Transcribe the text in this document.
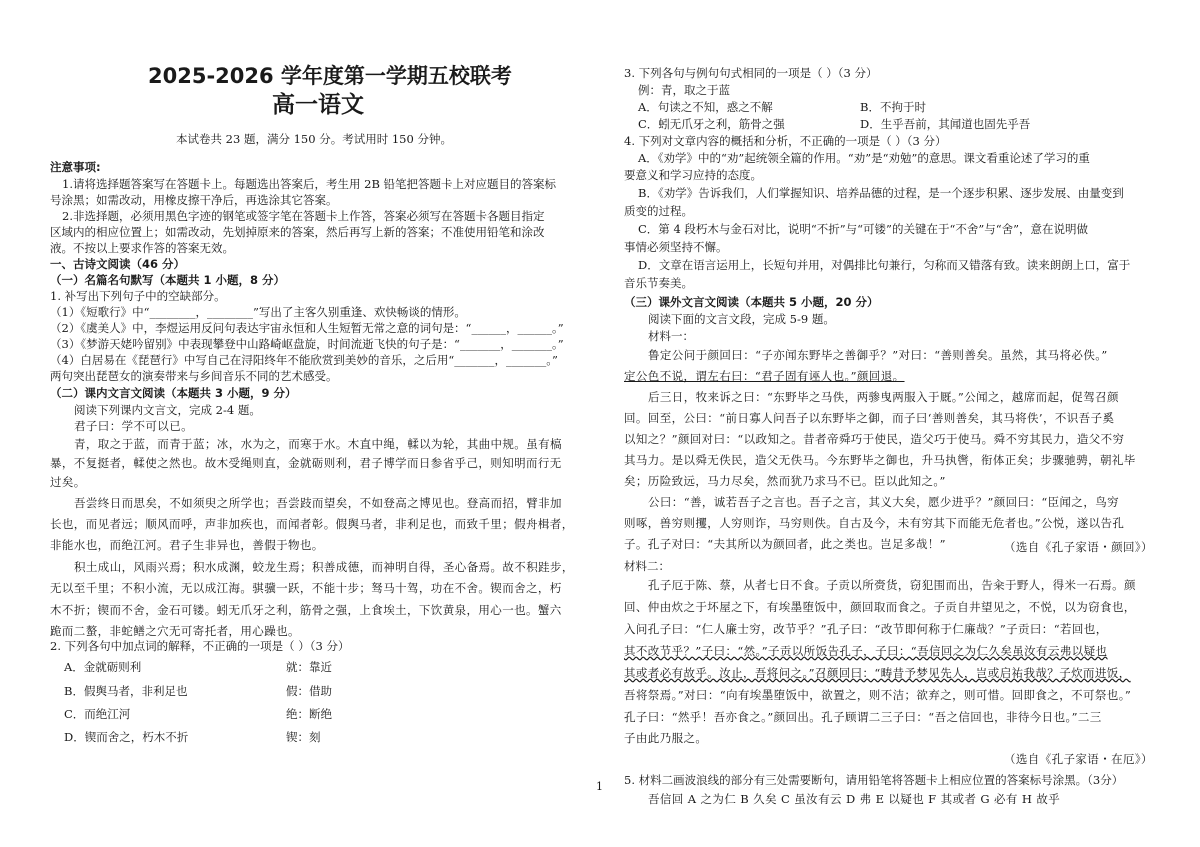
2025-2026 学年度第一学期五校联考
高一语文
本试卷共 23 题，满分 150 分。考试用时 150 分钟。
注意事项:
1.请将选择题答案写在答题卡上。每题选出答案后，考生用 2B 铅笔把答题卡上对应题目的答案标
号涂黑；如需改动，用橡皮擦干净后，再选涂其它答案。
2.非选择题，必须用黑色字迹的钢笔或签字笔在答题卡上作答，答案必须写在答题卡各题目指定
区域内的相应位置上；如需改动，先划掉原来的答案，然后再写上新的答案；不准使用铅笔和涂改
液。不按以上要求作答的答案无效。
一、古诗文阅读（46 分）
（一）名篇名句默写（本题共 1 小题，8 分）
1. 补写出下列句子中的空缺部分。
（1）《短歌行》中“________，________”写出了主客久别重逢、欢快畅谈的情形。
（2）《虞美人》中，李煜运用反问句表达宇宙永恒和人生短暂无常之意的词句是：“______，______。”
（3）《梦游天姥吟留别》中表现攀登中山路崎岖盘旋，时间流逝飞快的句子是：“_______，_______。”
（4）白居易在《琵琶行》中写自己在浔阳终年不能欣赏到美妙的音乐，之后用“_______，_______。”
两句突出琵琶女的演奏带来与乡间音乐不同的艺术感受。
（二）课内文言文阅读（本题共 3 小题，9 分）
阅读下列课内文言文，完成 2-4 题。
君子曰：学不可以已。
青，取之于蓝，而青于蓝；冰，水为之，而寒于水。木直中绳，輮以为轮，其曲中规。虽有槁
暴，不复挺者，輮使之然也。故木受绳则直，金就砺则利，君子博学而日参省乎己，则知明而行无
过矣。
吾尝终日而思矣，不如须臾之所学也；吾尝跂而望矣，不如登高之博见也。登高而招，臂非加
长也，而见者远；顺风而呼，声非加疾也，而闻者彰。假舆马者，非利足也，而致千里；假舟楫者，
非能水也，而绝江河。君子生非异也，善假于物也。
积土成山，风雨兴焉；积水成渊，蛟龙生焉；积善成德，而神明自得，圣心备焉。故不积跬步，
无以至千里；不积小流，无以成江海。骐骥一跃，不能十步；驽马十驾，功在不舍。锲而舍之，朽
木不折；锲而不舍，金石可镂。蚓无爪牙之利，筋骨之强，上食埃土，下饮黄泉，用心一也。蟹六
跪而二螯，非蛇鳝之穴无可寄托者，用心躁也。
2. 下列各句中加点词的解释，不正确的一项是（ ）（3 分）
A．金就砺则利	就：靠近
B．假舆马者，非利足也	假：借助
C．而绝江河	绝：断绝
D．锲而舍之，朽木不折	锲：刻
3. 下列各句与例句句式相同的一项是（ ）（3 分）
例：青，取之于蓝
A．句读之不知，惑之不解	B．不拘于时
C．蚓无爪牙之利，筋骨之强	D．生乎吾前，其闻道也固先乎吾
4. 下列对文章内容的概括和分析，不正确的一项是（ ）（3 分）
A．《劝学》中的“劝”起统领全篇的作用。“劝”是“劝勉”的意思。课文看重论述了学习的重
要意义和学习应持的态度。
B．《劝学》告诉我们，人们掌握知识、培养品德的过程，是一个逐步积累、逐步发展、由量变到
质变的过程。
C．第 4 段朽木与金石对比，说明“不折”与“可镂”的关键在于“不舍”与“舍”，意在说明做
事情必须坚持不懈。
D．文章在语言运用上，长短句并用，对偶排比句兼行，匀称而又错落有致。读来朗朗上口，富于
音乐节奏美。
（三）课外文言文阅读（本题共 5 小题，20 分）
阅读下面的文言文段，完成 5-9 题。
材料一：
鲁定公问于颜回曰：“子亦闻东野毕之善御乎？”对曰：“善则善矣。虽然，其马将必佚。”
定公色不说，谓左右曰：“君子固有诬人也。”颜回退。
后三日，牧来诉之曰：“东野毕之马佚，两骖曳两服入于厩。”公闻之，越席而起，促驾召颜
回。回至，公曰：“前日寡人问吾子以东野毕之御，而子曰‘善则善矣，其马将佚’，不识吾子奚
以知之？”颜回对曰：“以政知之。昔者帝舜巧于使民，造父巧于使马。舜不穷其民力，造父不穷
其马力。是以舜无佚民，造父无佚马。今东野毕之御也，升马执辔，衔体正矣；步骤驰骋，朝礼毕
矣；历险致远，马力尽矣，然而犹乃求马不已。臣以此知之。”
公曰：“善，诚若吾子之言也。吾子之言，其义大矣，愿少进乎？”颜回曰：“臣闻之，鸟穷
则啄，兽穷则攫，人穷则诈，马穷则佚。自古及今，未有穷其下而能无危者也。”公悦，遂以告孔
子。孔子对曰：“夫其所以为颜回者，此之类也。岂足多哉！”	（选自《孔子家语・颜回》）
材料二：
孔子厄于陈、蔡，从者七日不食。子贡以所赍货，窃犯围而出，告籴于野人，得米一石焉。颜
回、仲由炊之于坏屋之下，有埃墨堕饭中，颜回取而食之。子贡自井望见之，不悦，以为窃食也，
入问孔子曰：“仁人廉士穷，改节乎？”孔子曰：“改节即何称于仁廉哉？”子贡曰：“若回也，
其不改节乎？”子曰：“然。”子贡以所饭告孔子，子曰：“吾信回之为仁久矣虽汝有云弗以疑也
其或者必有故乎。汝止，吾将问之。”召颜回曰：“畴昔予梦见先人，岂或启祐我哉？子炊而进饭，
吾将祭焉。”对曰：“向有埃墨堕饭中，欲置之，则不洁；欲弃之，则可惜。回即食之，不可祭也。”
孔子曰：“然乎！吾亦食之。”颜回出。孔子顾谓二三子曰：“吾之信回也，非待今日也。”二三
子由此乃服之。
（选自《孔子家语・在厄》）
5. 材料二画波浪线的部分有三处需要断句，请用铅笔将答题卡上相应位置的答案标号涂黑。（3分）
吾信回 A 之为仁 B 久矣 C 虽汝有云 D 弗 E 以疑也 F 其或者 G 必有 H 故乎
1
